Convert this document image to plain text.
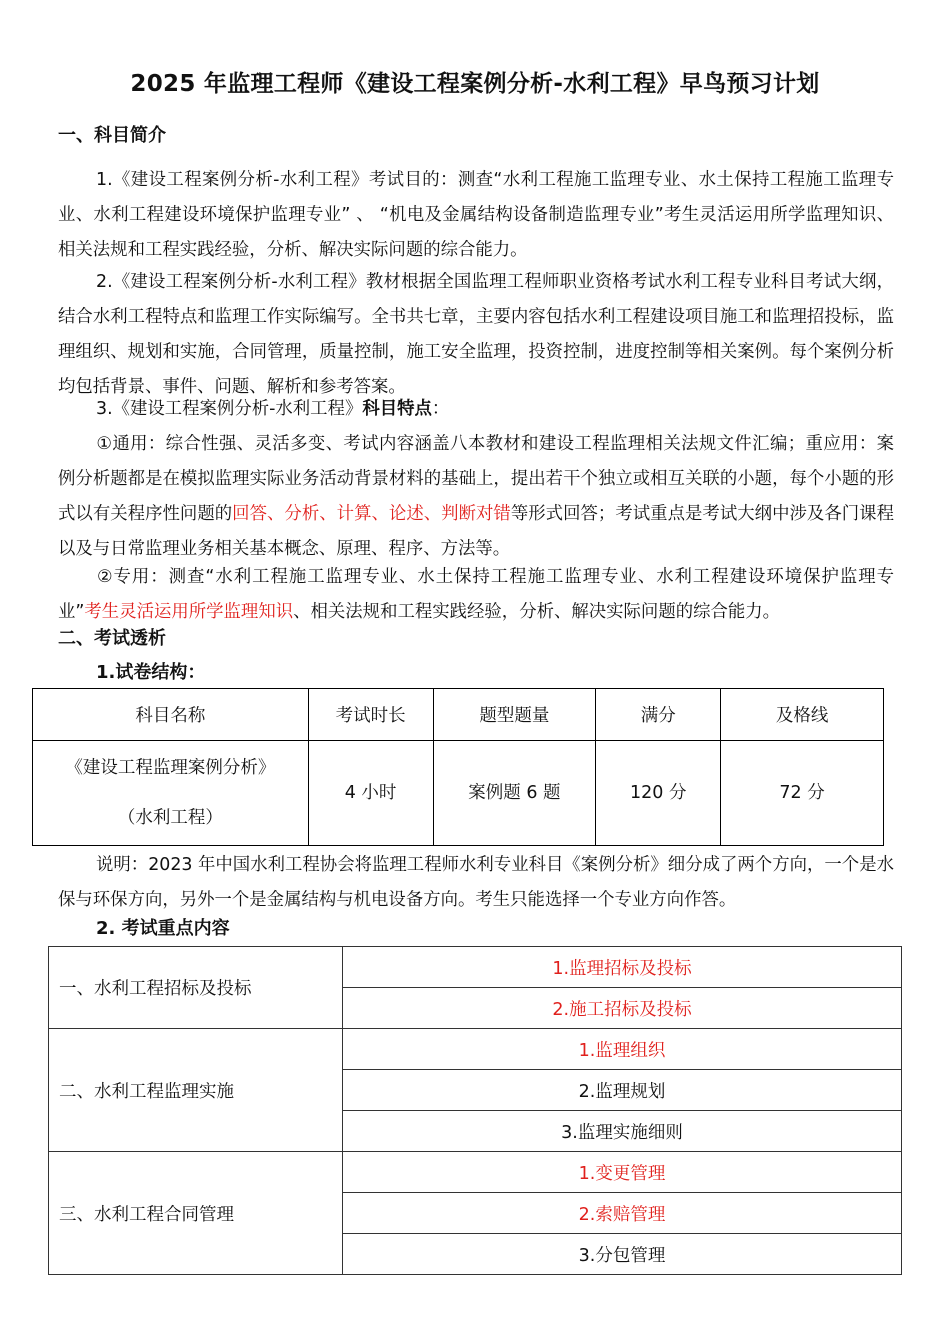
2025 年监理工程师《建设工程案例分析-水利工程》早鸟预习计划
一、科目简介
1.《建设工程案例分析-水利工程》考试目的：测查“水利工程施工监理专业、水土保持工程施工监理专业、水利工程建设环境保护监理专业” 、 “机电及金属结构设备制造监理专业”考生灵活运用所学监理知识、相关法规和工程实践经验，分析、解决实际问题的综合能力。
2.《建设工程案例分析-水利工程》教材根据全国监理工程师职业资格考试水利工程专业科目考试大纲，结合水利工程特点和监理工作实际编写。全书共七章，主要内容包括水利工程建设项目施工和监理招投标，监理组织、规划和实施，合同管理，质量控制，施工安全监理，投资控制，进度控制等相关案例。每个案例分析均包括背景、事件、问题、解析和参考答案。
3.《建设工程案例分析-水利工程》科目特点：
①通用：综合性强、灵活多变、考试内容涵盖八本教材和建设工程监理相关法规文件汇编；重应用：案例分析题都是在模拟监理实际业务活动背景材料的基础上，提出若干个独立或相互关联的小题，每个小题的形式以有关程序性问题的回答、分析、计算、论述、判断对错等形式回答；考试重点是考试大纲中涉及各门课程以及与日常监理业务相关基本概念、原理、程序、方法等。
②专用：测查“水利工程施工监理专业、水土保持工程施工监理专业、水利工程建设环境保护监理专业”考生灵活运用所学监理知识、相关法规和工程实践经验，分析、解决实际问题的综合能力。
二、考试透析
1.试卷结构：
科目名称	考试时长	题型题量	满分	及格线

《建设工程监理案例分析》
（水利工程）	4 小时	案例题 6 题	120 分	72 分
说明：2023 年中国水利工程协会将监理工程师水利专业科目《案例分析》细分成了两个方向，一个是水保与环保方向，另外一个是金属结构与机电设备方向。考生只能选择一个专业方向作答。
2. 考试重点内容
一、水利工程招标及投标	1.监理招标及投标
	2.施工招标及投标
二、水利工程监理实施	1.监理组织
	2.监理规划
	3.监理实施细则
三、水利工程合同管理	1.变更管理
	2.索赔管理
	3.分包管理
